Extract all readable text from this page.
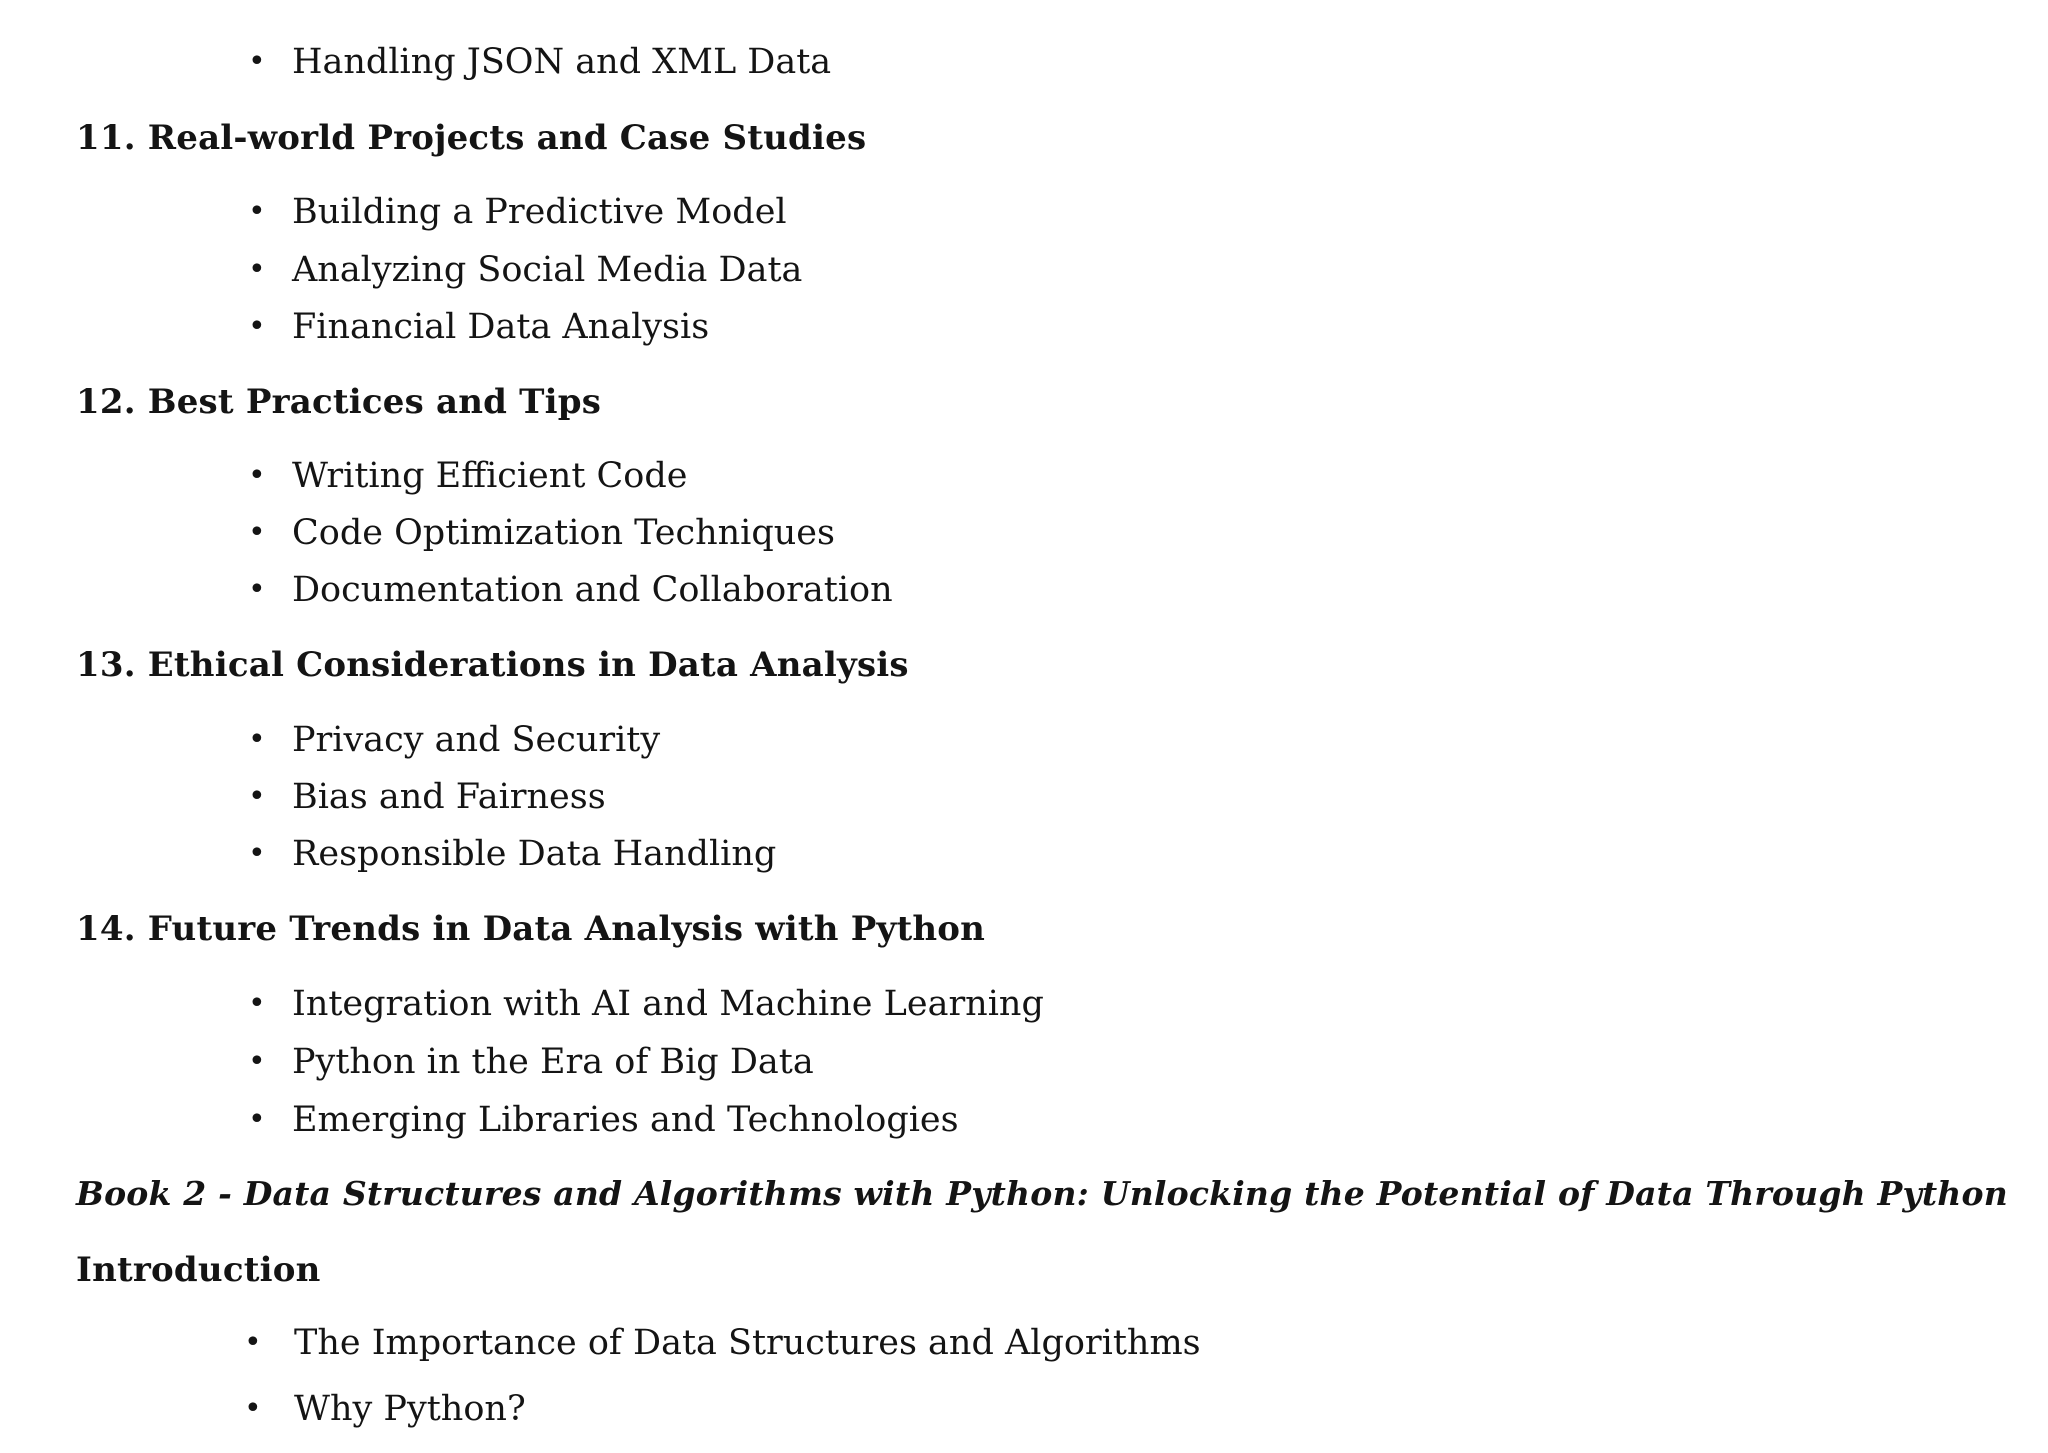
• Handling JSON and XML Data
11. Real-world Projects and Case Studies
• Building a Predictive Model
• Analyzing Social Media Data
• Financial Data Analysis
12. Best Practices and Tips
• Writing Efficient Code
• Code Optimization Techniques
• Documentation and Collaboration
13. Ethical Considerations in Data Analysis
• Privacy and Security
• Bias and Fairness
• Responsible Data Handling
14. Future Trends in Data Analysis with Python
• Integration with AI and Machine Learning
• Python in the Era of Big Data
• Emerging Libraries and Technologies
Book 2 - Data Structures and Algorithms with Python: Unlocking the Potential of Data Through Python
Introduction
• The Importance of Data Structures and Algorithms
• Why Python?
